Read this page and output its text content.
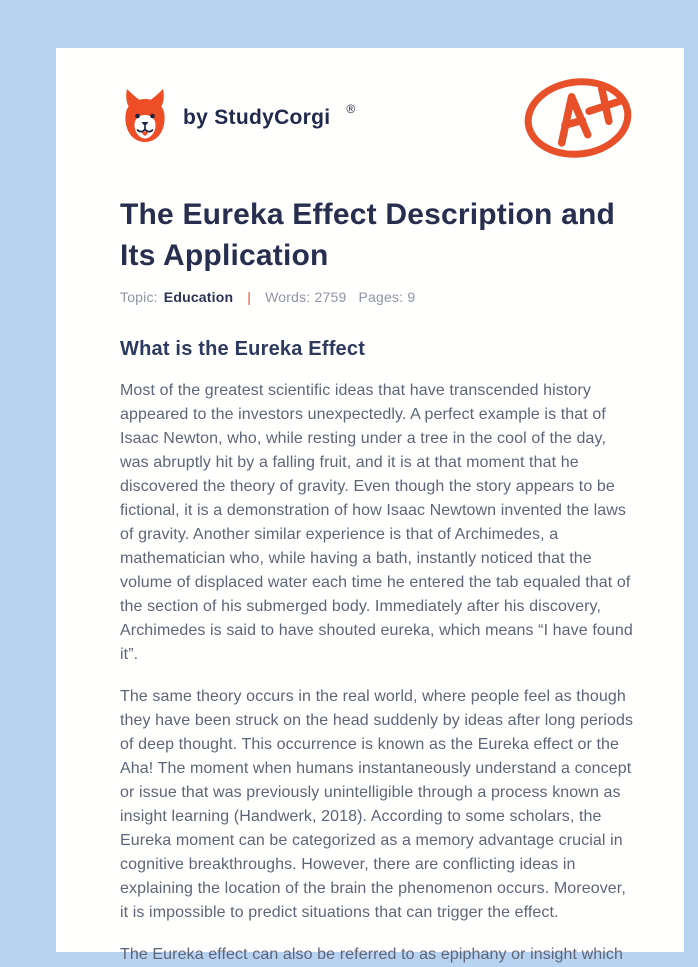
by StudyCorgi ®
The Eureka Effect Description and Its Application
Topic: Education | Words: 2759 Pages: 9
What is the Eureka Effect

Most of the greatest scientific ideas that have transcended history appeared to the investors unexpectedly. A perfect example is that of Isaac Newton, who, while resting under a tree in the cool of the day, was abruptly hit by a falling fruit, and it is at that moment that he discovered the theory of gravity. Even though the story appears to be fictional, it is a demonstration of how Isaac Newtown invented the laws of gravity. Another similar experience is that of Archimedes, a mathematician who, while having a bath, instantly noticed that the volume of displaced water each time he entered the tab equaled that of the section of his submerged body. Immediately after his discovery, Archimedes is said to have shouted eureka, which means “I have found it”.

The same theory occurs in the real world, where people feel as though they have been struck on the head suddenly by ideas after long periods of deep thought. This occurrence is known as the Eureka effect or the Aha! The moment when humans instantaneously understand a concept or issue that was previously unintelligible through a process known as insight learning (Handwerk, 2018). According to some scholars, the Eureka moment can be categorized as a memory advantage crucial in cognitive breakthroughs. However, there are conflicting ideas in explaining the location of the brain the phenomenon occurs. Moreover, it is impossible to predict situations that can trigger the effect.

The Eureka effect can also be referred to as epiphany or insight which
